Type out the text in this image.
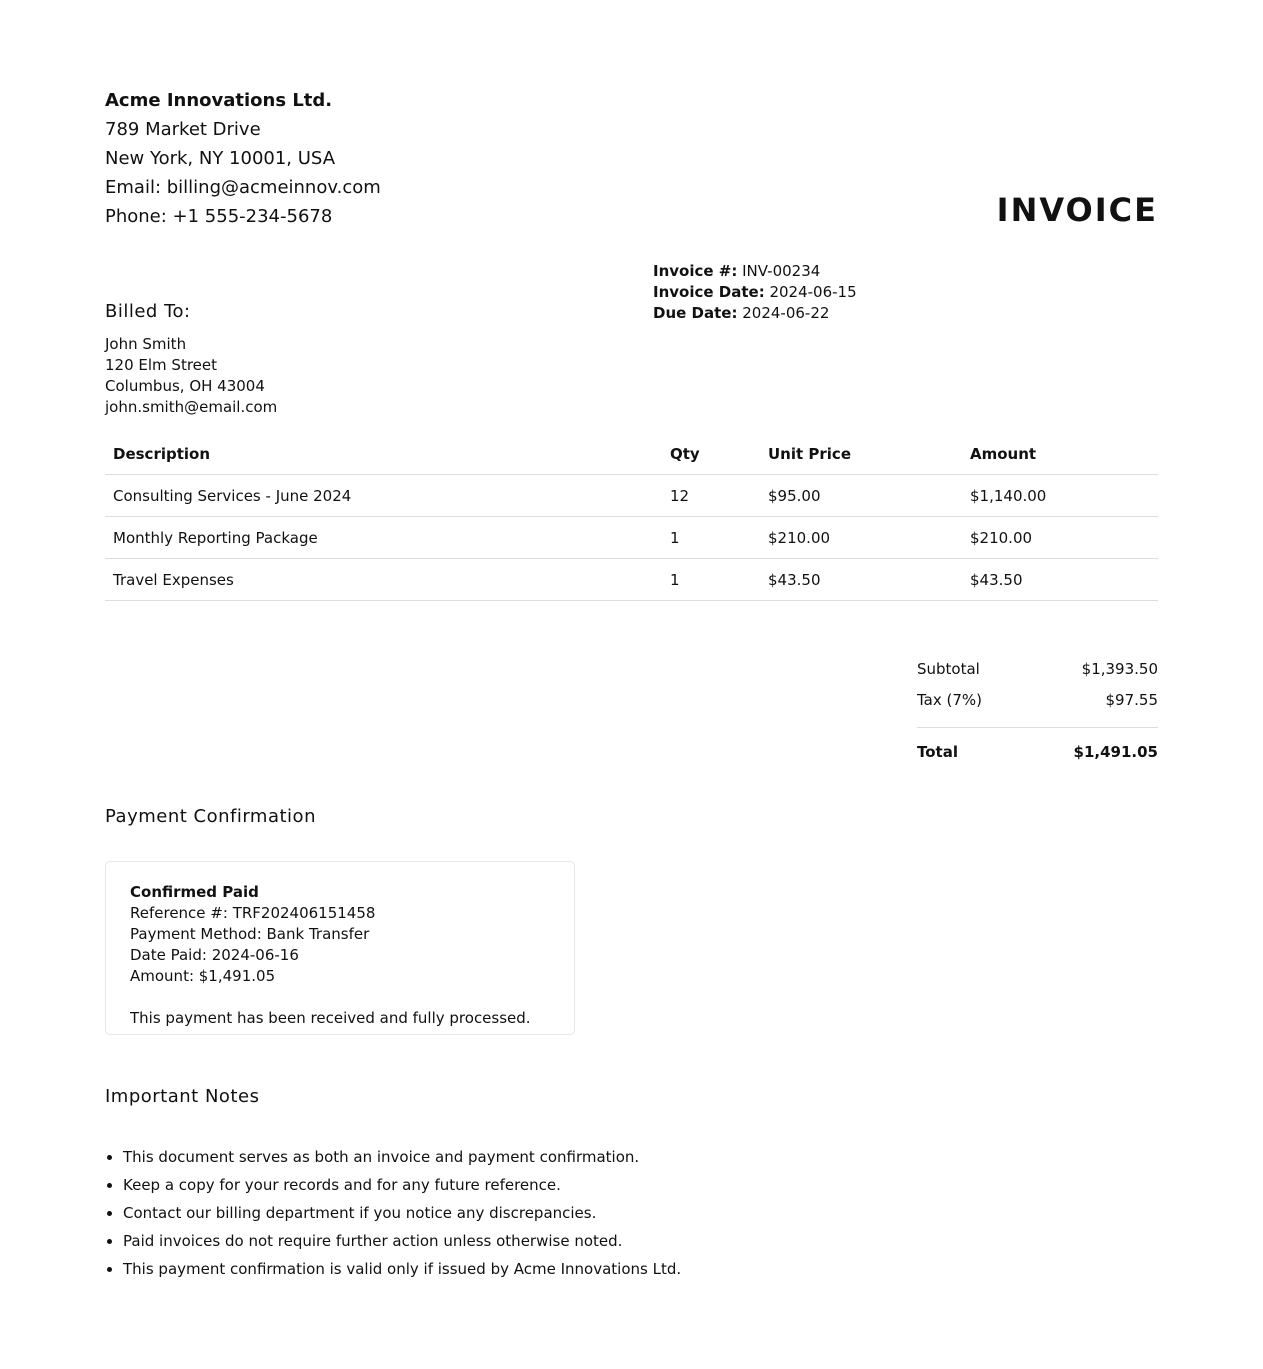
Acme Innovations Ltd.
789 Market Drive
New York, NY 10001, USA
Email: billing@acmeinnov.com
Phone: +1 555-234-5678	INVOICE
Invoice #: INV-00234
Invoice Date: 2024-06-15
Due Date: 2024-06-22
Billed To:
John Smith
120 Elm Street
Columbus, OH 43004
john.smith@email.com
Description	Qty	Unit Price	Amount
Consulting Services - June 2024	12	$95.00	$1,140.00
Monthly Reporting Package	1	$210.00	$210.00
Travel Expenses	1	$43.50	$43.50
Subtotal	$1,393.50
Tax (7%)	$97.55
Total	$1,491.05
Payment Confirmation
Confirmed Paid
Reference #: TRF202406151458
Payment Method: Bank Transfer
Date Paid: 2024-06-16
Amount: $1,491.05
This payment has been received and fully processed.
Important Notes
• This document serves as both an invoice and payment confirmation.
• Keep a copy for your records and for any future reference.
• Contact our billing department if you notice any discrepancies.
• Paid invoices do not require further action unless otherwise noted.
• This payment confirmation is valid only if issued by Acme Innovations Ltd.
